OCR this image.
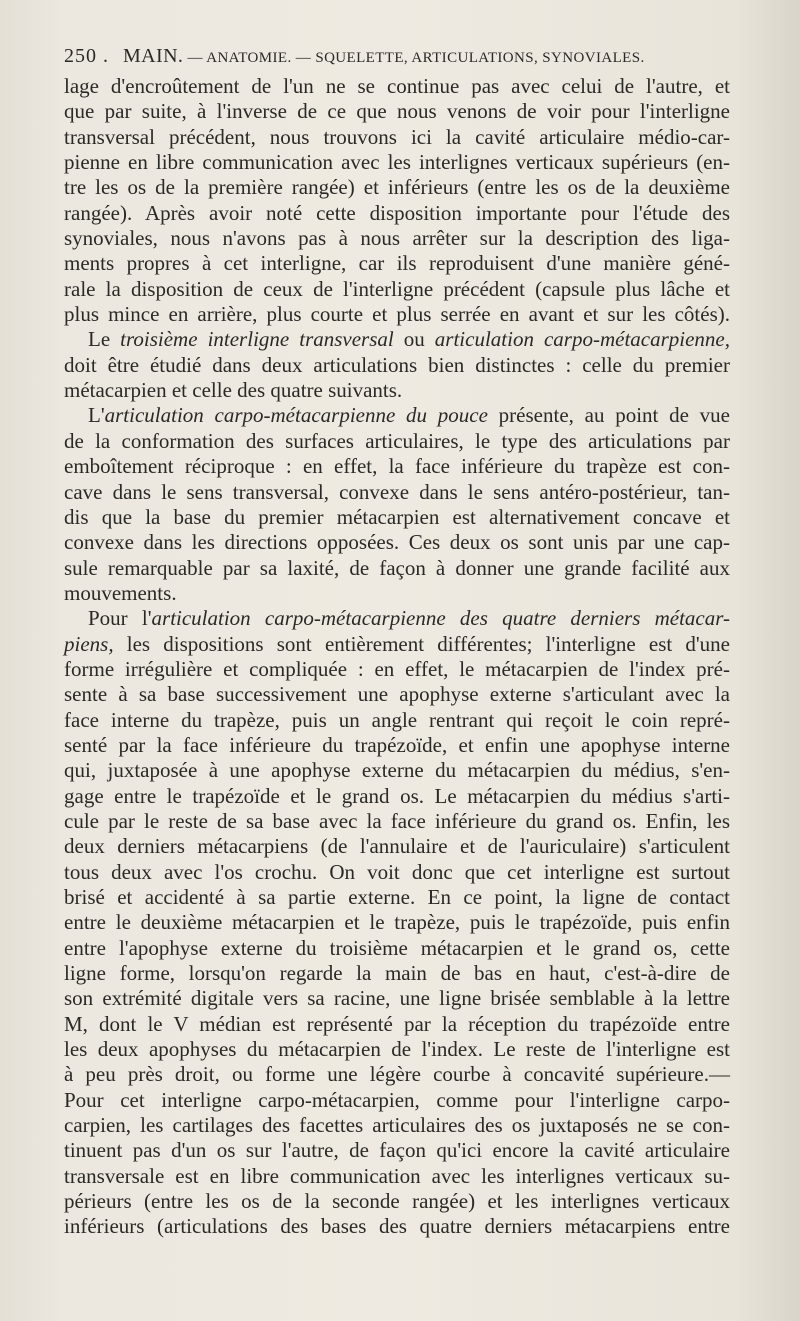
250 . MAIN. — ANATOMIE. — SQUELETTE, ARTICULATIONS, SYNOVIALES.
lage d'encroûtement de l'un ne se continue pas avec celui de l'autre, et
que par suite, à l'inverse de ce que nous venons de voir pour l'interligne
transversal précédent, nous trouvons ici la cavité articulaire médio-car-
pienne en libre communication avec les interlignes verticaux supérieurs (en-
tre les os de la première rangée) et inférieurs (entre les os de la deuxième
rangée). Après avoir noté cette disposition importante pour l'étude des
synoviales, nous n'avons pas à nous arrêter sur la description des liga-
ments propres à cet interligne, car ils reproduisent d'une manière géné-
rale la disposition de ceux de l'interligne précédent (capsule plus lâche et
plus mince en arrière, plus courte et plus serrée en avant et sur les côtés).
Le troisième interligne transversal ou articulation carpo-métacarpienne,
doit être étudié dans deux articulations bien distinctes : celle du premier
métacarpien et celle des quatre suivants.
L'articulation carpo-métacarpienne du pouce présente, au point de vue
de la conformation des surfaces articulaires, le type des articulations par
emboîtement réciproque : en effet, la face inférieure du trapèze est con-
cave dans le sens transversal, convexe dans le sens antéro-postérieur, tan-
dis que la base du premier métacarpien est alternativement concave et
convexe dans les directions opposées. Ces deux os sont unis par une cap-
sule remarquable par sa laxité, de façon à donner une grande facilité aux
mouvements.
Pour l'articulation carpo-métacarpienne des quatre derniers métacar-
piens, les dispositions sont entièrement différentes; l'interligne est d'une
forme irrégulière et compliquée : en effet, le métacarpien de l'index pré-
sente à sa base successivement une apophyse externe s'articulant avec la
face interne du trapèze, puis un angle rentrant qui reçoit le coin repré-
senté par la face inférieure du trapézoïde, et enfin une apophyse interne
qui, juxtaposée à une apophyse externe du métacarpien du médius, s'en-
gage entre le trapézoïde et le grand os. Le métacarpien du médius s'arti-
cule par le reste de sa base avec la face inférieure du grand os. Enfin, les
deux derniers métacarpiens (de l'annulaire et de l'auriculaire) s'articulent
tous deux avec l'os crochu. On voit donc que cet interligne est surtout
brisé et accidenté à sa partie externe. En ce point, la ligne de contact
entre le deuxième métacarpien et le trapèze, puis le trapézoïde, puis enfin
entre l'apophyse externe du troisième métacarpien et le grand os, cette
ligne forme, lorsqu'on regarde la main de bas en haut, c'est-à-dire de
son extrémité digitale vers sa racine, une ligne brisée semblable à la lettre
M, dont le V médian est représenté par la réception du trapézoïde entre
les deux apophyses du métacarpien de l'index. Le reste de l'interligne est
à peu près droit, ou forme une légère courbe à concavité supérieure.—
Pour cet interligne carpo-métacarpien, comme pour l'interligne carpo-
carpien, les cartilages des facettes articulaires des os juxtaposés ne se con-
tinuent pas d'un os sur l'autre, de façon qu'ici encore la cavité articulaire
transversale est en libre communication avec les interlignes verticaux su-
périeurs (entre les os de la seconde rangée) et les interlignes verticaux
inférieurs (articulations des bases des quatre derniers métacarpiens entre
